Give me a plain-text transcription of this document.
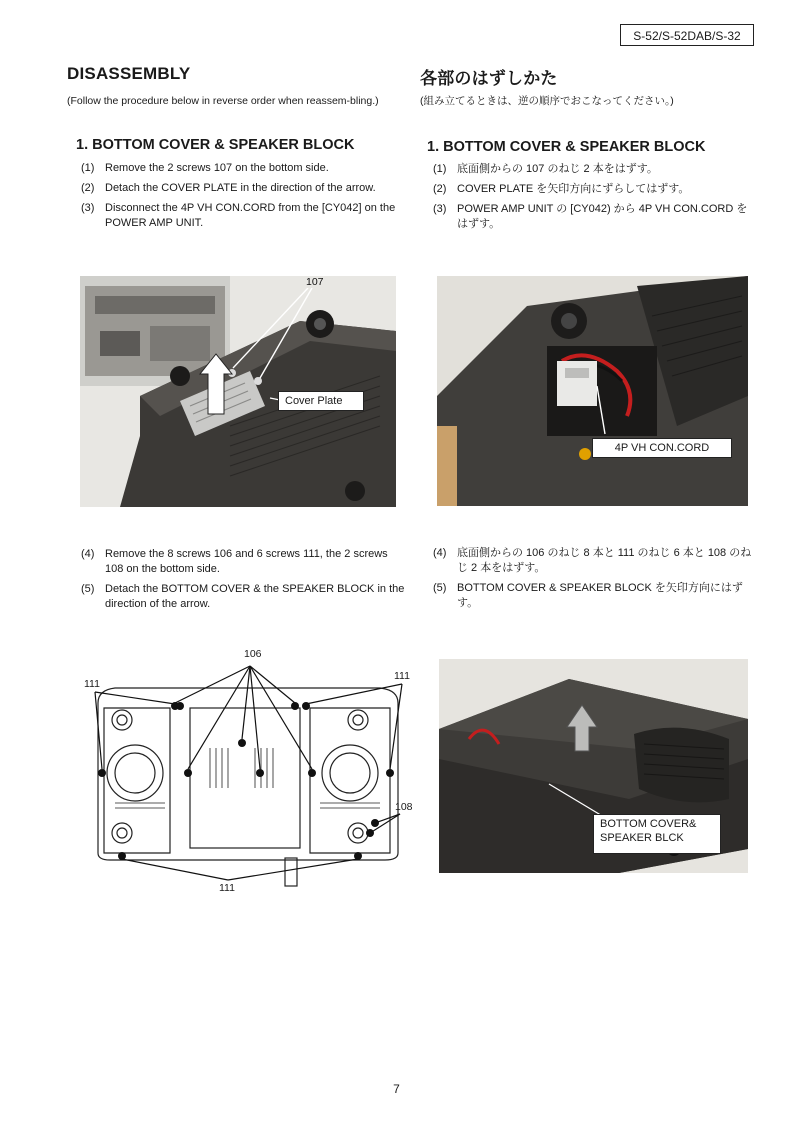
S-52/S-52DAB/S-32
DISASSEMBLY
(Follow the procedure below in reverse order when reassem-bling.)
1. BOTTOM COVER & SPEAKER BLOCK
(1) Remove the 2 screws 107 on the bottom side.
(2) Detach the COVER PLATE in the direction of the arrow.
(3) Disconnect the 4P VH CON.CORD from the [CY042] on the POWER AMP UNIT.
各部のはずしかた
(組み立てるときは、逆の順序でおこなってください。)
1. BOTTOM COVER & SPEAKER BLOCK
(1) 底面側からの 107 のねじ 2 本をはずす。
(2) COVER PLATE を矢印方向にずらしてはずす。
(3) POWER AMP UNIT の [CY042) から 4P VH CON.CORD をはずす。
107
Cover Plate
4P VH CON.CORD
(4) Remove the 8 screws 106 and 6 screws 111, the 2 screws 108 on the bottom side.
(5) Detach the BOTTOM COVER & the SPEAKER BLOCK in the direction of the arrow.
(4) 底面側からの 106 のねじ 8 本と 111 のねじ 6 本と 108 のねじ 2 本をはずす。
(5) BOTTOM COVER & SPEAKER BLOCK を矢印方向にはずす。
106
111
111
108
111
BOTTOM COVER&
SPEAKER BLCK
7
